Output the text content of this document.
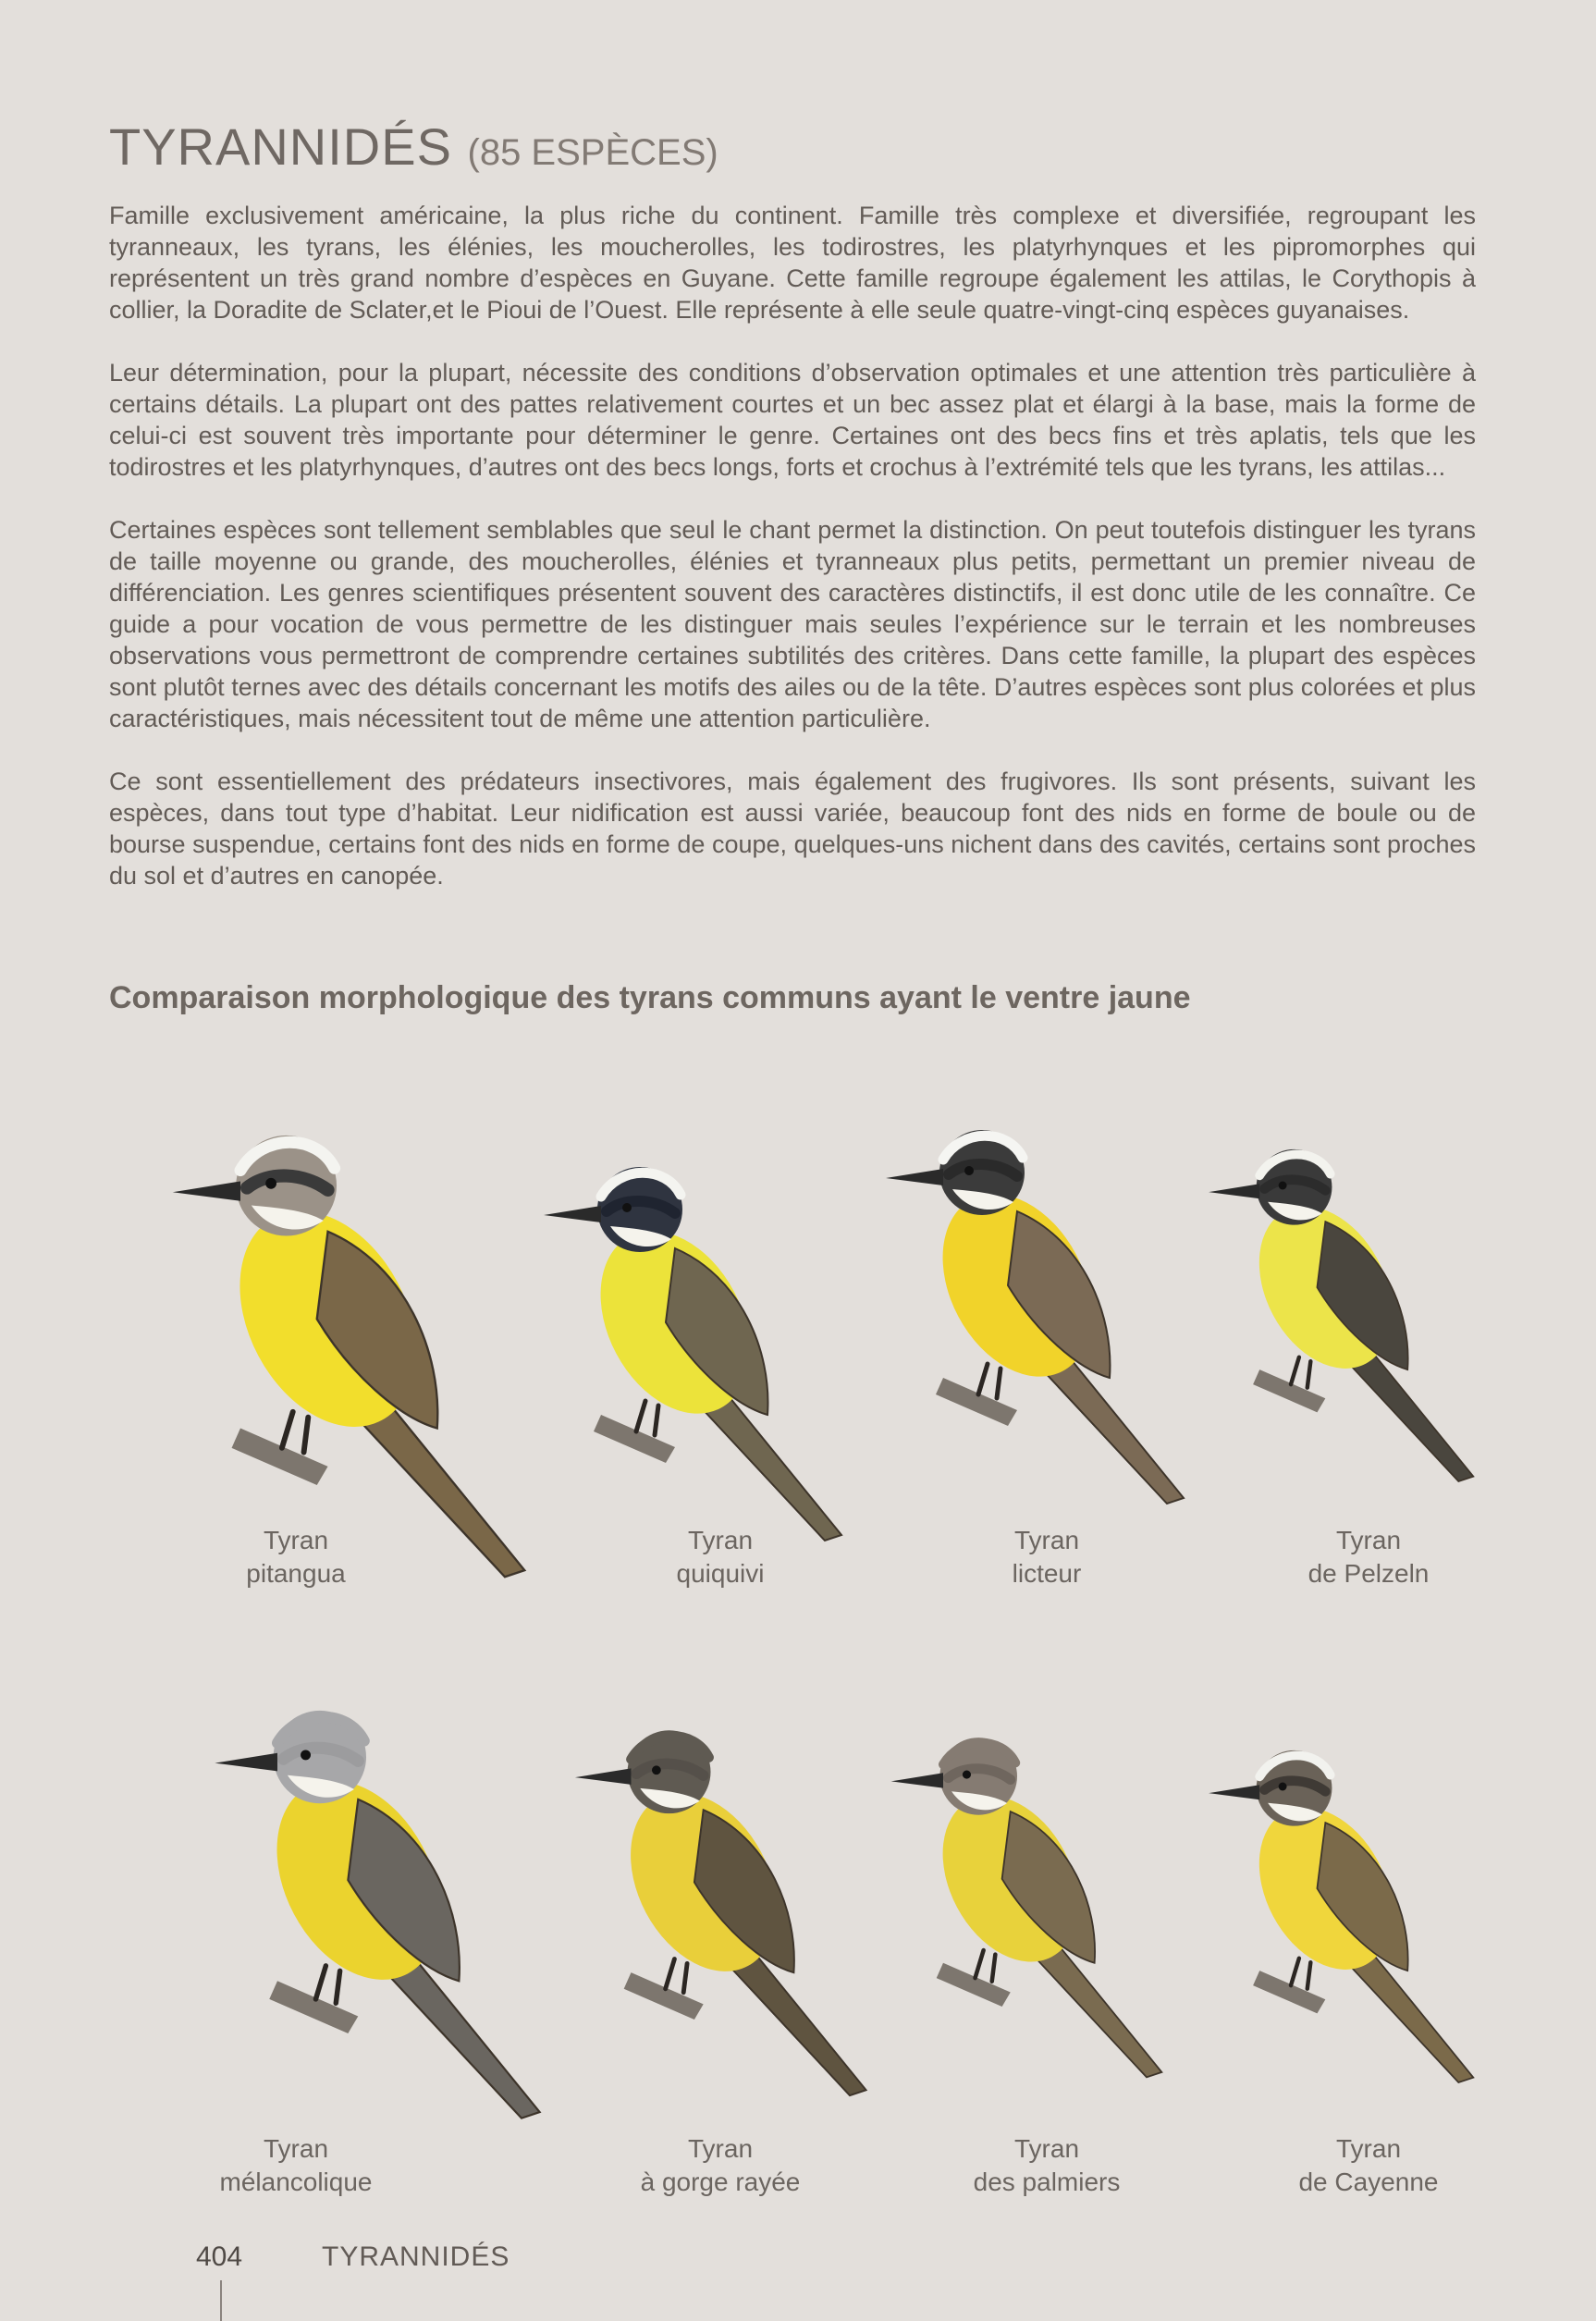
TYRANNIDÉS (85 ESPÈCES)

Famille exclusivement américaine, la plus riche du continent. Famille très complexe et diversifiée, regroupant les tyranneaux, les tyrans, les élénies, les moucherolles, les todirostres, les platyrhynques et les pipromorphes qui représentent un très grand nombre d’espèces en Guyane. Cette famille regroupe également les attilas, le Corythopis à collier, la Doradite de Sclater,et le Pioui de l’Ouest. Elle représente à elle seule quatre-vingt-cinq espèces guyanaises.

Leur détermination, pour la plupart, nécessite des conditions d’observation optimales et une attention très particulière à certains détails. La plupart ont des pattes relativement courtes et un bec assez plat et élargi à la base, mais la forme de celui-ci est souvent très importante pour déterminer le genre. Certaines ont des becs fins et très aplatis, tels que les todirostres et les platyrhynques, d’autres ont des becs longs, forts et crochus à l’extrémité tels que les tyrans, les attilas...

Certaines espèces sont tellement semblables que seul le chant permet la distinction. On peut toutefois distinguer les tyrans de taille moyenne ou grande, des moucherolles, élénies et tyranneaux plus petits, permettant un premier niveau de différenciation. Les genres scientifiques présentent souvent des caractères distinctifs, il est donc utile de les connaître. Ce guide a pour vocation de vous permettre de les distinguer mais seules l’expérience sur le terrain et les nombreuses observations vous permettront de comprendre certaines subtilités des critères. Dans cette famille, la plupart des espèces sont plutôt ternes avec des détails concernant les motifs des ailes ou de la tête. D’autres espèces sont plus colorées et plus caractéristiques, mais nécessitent tout de même une attention particulière.

Ce sont essentiellement des prédateurs insectivores, mais également des frugivores. Ils sont présents, suivant les espèces, dans tout type d’habitat. Leur nidification est aussi variée, beaucoup font des nids en forme de boule ou de bourse suspendue, certains font des nids en forme de coupe, quelques-uns nichent dans des cavités, certains sont proches du sol et d’autres en canopée.

Comparaison morphologique des tyrans communs ayant le ventre jaune
Tyran
pitangua
Tyran
quiquivi
Tyran
licteur
Tyran
de Pelzeln
Tyran
mélancolique
Tyran
à gorge rayée
Tyran
des palmiers
Tyran
de Cayenne
404	TYRANNIDÉS
